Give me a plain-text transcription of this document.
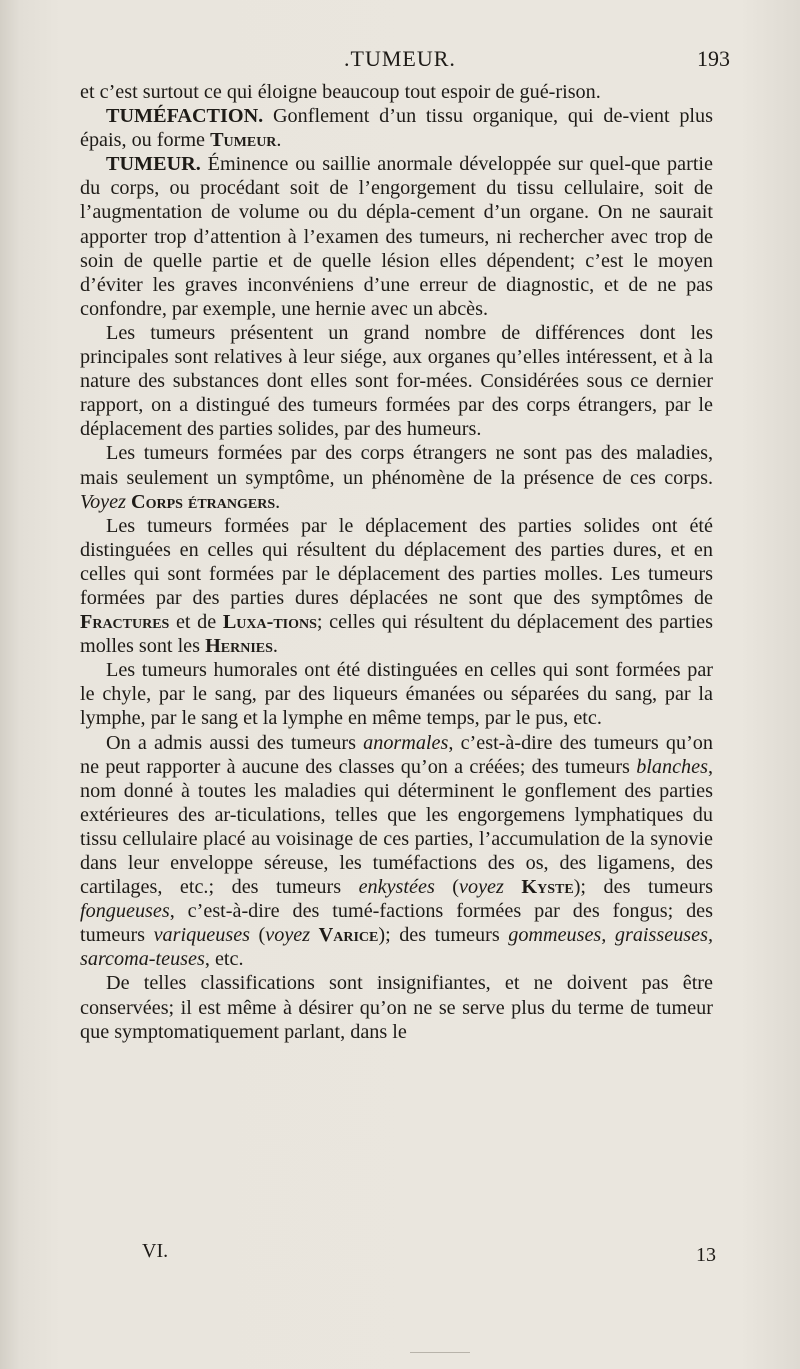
.TUMEUR.	193

et c’est surtout ce qui éloigne beaucoup tout espoir de gué-rison.

TUMÉFACTION. Gonflement d’un tissu organique, qui de-vient plus épais, ou forme Tumeur.

TUMEUR. Éminence ou saillie anormale développée sur quel-que partie du corps, ou procédant soit de l’engorgement du tissu cellulaire, soit de l’augmentation de volume ou du dépla-cement d’un organe. On ne saurait apporter trop d’attention à l’examen des tumeurs, ni rechercher avec trop de soin de quelle partie et de quelle lésion elles dépendent; c’est le moyen d’éviter les graves inconvéniens d’une erreur de diagnostic, et de ne pas confondre, par exemple, une hernie avec un abcès.

Les tumeurs présentent un grand nombre de différences dont les principales sont relatives à leur siége, aux organes qu’elles intéressent, et à la nature des substances dont elles sont for-mées. Considérées sous ce dernier rapport, on a distingué des tumeurs formées par des corps étrangers, par le déplacement des parties solides, par des humeurs.

Les tumeurs formées par des corps étrangers ne sont pas des maladies, mais seulement un symptôme, un phénomène de la présence de ces corps. Voyez Corps étrangers.

Les tumeurs formées par le déplacement des parties solides ont été distinguées en celles qui résultent du déplacement des parties dures, et en celles qui sont formées par le déplacement des parties molles. Les tumeurs formées par des parties dures déplacées ne sont que des symptômes de Fractures et de Luxa-tions; celles qui résultent du déplacement des parties molles sont les Hernies.

Les tumeurs humorales ont été distinguées en celles qui sont formées par le chyle, par le sang, par des liqueurs émanées ou séparées du sang, par la lymphe, par le sang et la lymphe en même temps, par le pus, etc.

On a admis aussi des tumeurs anormales, c’est-à-dire des tumeurs qu’on ne peut rapporter à aucune des classes qu’on a créées; des tumeurs blanches, nom donné à toutes les maladies qui déterminent le gonflement des parties extérieures des ar-ticulations, telles que les engorgemens lymphatiques du tissu cellulaire placé au voisinage de ces parties, l’accumulation de la synovie dans leur enveloppe séreuse, les tuméfactions des os, des ligamens, des cartilages, etc.; des tumeurs enkystées (voyez Kyste); des tumeurs fongueuses, c’est-à-dire des tumé-factions formées par des fongus; des tumeurs variqueuses (voyez Varice); des tumeurs gommeuses, graisseuses, sarcoma-teuses, etc.

De telles classifications sont insignifiantes, et ne doivent pas être conservées; il est même à désirer qu’on ne se serve plus du terme de tumeur que symptomatiquement parlant, dans le

VI.	13
